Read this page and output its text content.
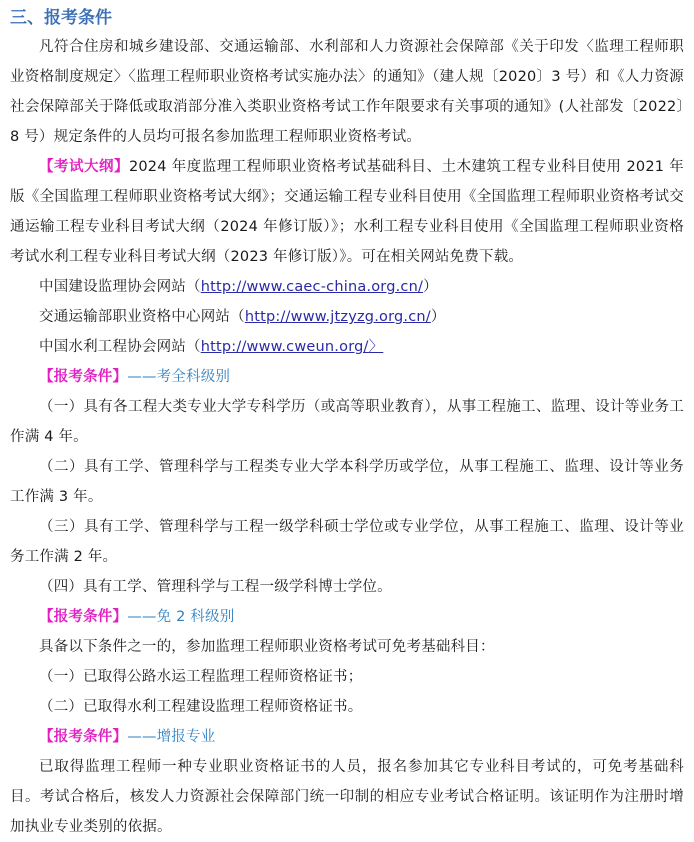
三、报考条件

凡符合住房和城乡建设部、交通运输部、水利部和人力资源社会保障部《关于印发〈监理工程师职业资格制度规定〉〈监理工程师职业资格考试实施办法〉的通知》（建人规〔2020〕3 号）和《人力资源社会保障部关于降低或取消部分准入类职业资格考试工作年限要求有关事项的通知》(人社部发〔2022〕8 号）规定条件的人员均可报名参加监理工程师职业资格考试。

【考试大纲】2024 年度监理工程师职业资格考试基础科目、土木建筑工程专业科目使用 2021 年版《全国监理工程师职业资格考试大纲》；交通运输工程专业科目使用《全国监理工程师职业资格考试交通运输工程专业科目考试大纲（2024 年修订版）》；水利工程专业科目使用《全国监理工程师职业资格考试水利工程专业科目考试大纲（2023 年修订版）》。可在相关网站免费下载。

中国建设监理协会网站（http://www.caec-china.org.cn/）

交通运输部职业资格中心网站（http://www.jtzyzg.org.cn/）

中国水利工程协会网站（http://www.cweun.org/〉

【报考条件】——考全科级别

（一）具有各工程大类专业大学专科学历（或高等职业教育），从事工程施工、监理、设计等业务工作满 4 年。

（二）具有工学、管理科学与工程类专业大学本科学历或学位，从事工程施工、监理、设计等业务工作满 3 年。

（三）具有工学、管理科学与工程一级学科硕士学位或专业学位，从事工程施工、监理、设计等业务工作满 2 年。

（四）具有工学、管理科学与工程一级学科博士学位。

【报考条件】——免 2 科级别

具备以下条件之一的，参加监理工程师职业资格考试可免考基础科目：

（一）已取得公路水运工程监理工程师资格证书；

（二）已取得水利工程建设监理工程师资格证书。

【报考条件】——增报专业

已取得监理工程师一种专业职业资格证书的人员，报名参加其它专业科目考试的，可免考基础科目。考试合格后，核发人力资源社会保障部门统一印制的相应专业考试合格证明。该证明作为注册时增加执业专业类别的依据。
